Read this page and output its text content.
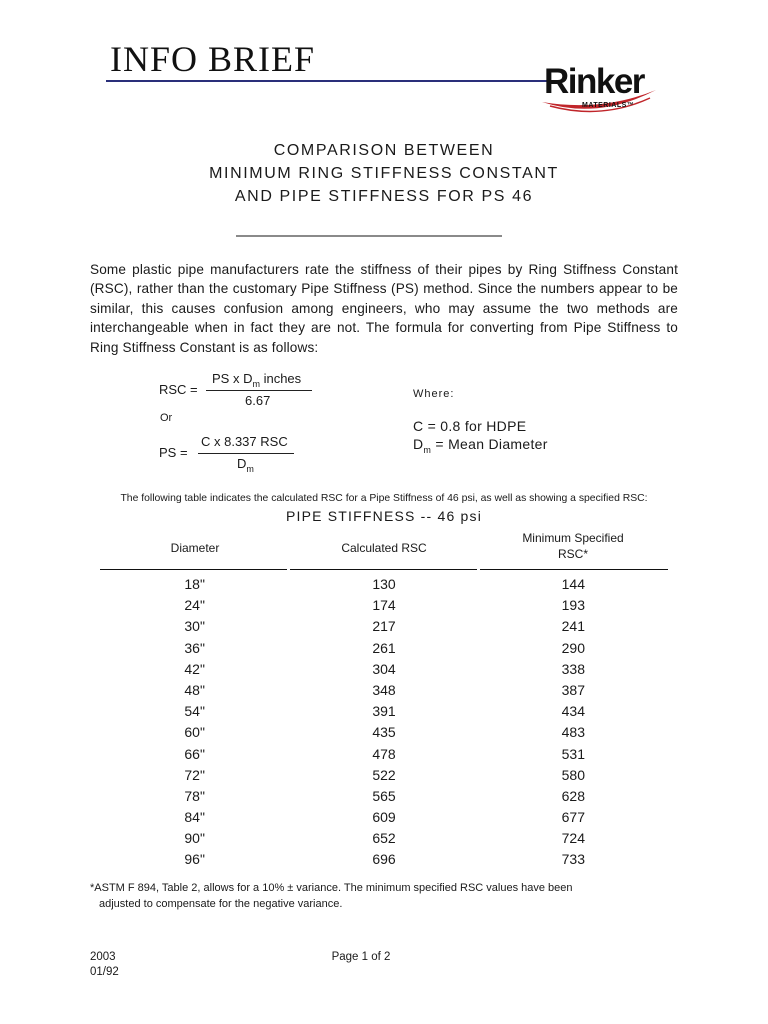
INFO BRIEF
Rinker
MATERIALS™
COMPARISON BETWEEN
MINIMUM RING STIFFNESS CONSTANT
AND PIPE STIFFNESS FOR PS 46
Some plastic pipe manufacturers rate the stiffness of their pipes by Ring Stiffness Constant (RSC), rather than the customary Pipe Stiffness (PS) method. Since the numbers appear to be similar, this causes confusion among engineers, who may assume the two methods are interchangeable when in fact they are not. The formula for converting from Pipe Stiffness to Ring Stiffness Constant is as follows:
RSC =
PS x $D_m$ inches
6.67
Or
PS =
C x 8.337 RSC
$D_m$
Where:
C = 0.8 for HDPE
$D_m$ = Mean Diameter
The following table indicates the calculated RSC for a Pipe Stiffness of 46 psi, as well as showing a specified RSC:
PIPE STIFFNESS -- 46 psi
Diameter	Calculated RSC
Minimum Specified
RSC*
18"	130	144
24"	174	193
30"	217	241
36"	261	290
42"	304	338
48"	348	387
54"	391	434
60"	435	483
66"	478	531
72"	522	580
78"	565	628
84"	609	677
90"	652	724
96"	696	733
*ASTM F 894, Table 2, allows for a 10% ± variance. The minimum specified RSC values have been
adjusted to compensate for the negative variance.
2003
01/92
Page 1 of 2
